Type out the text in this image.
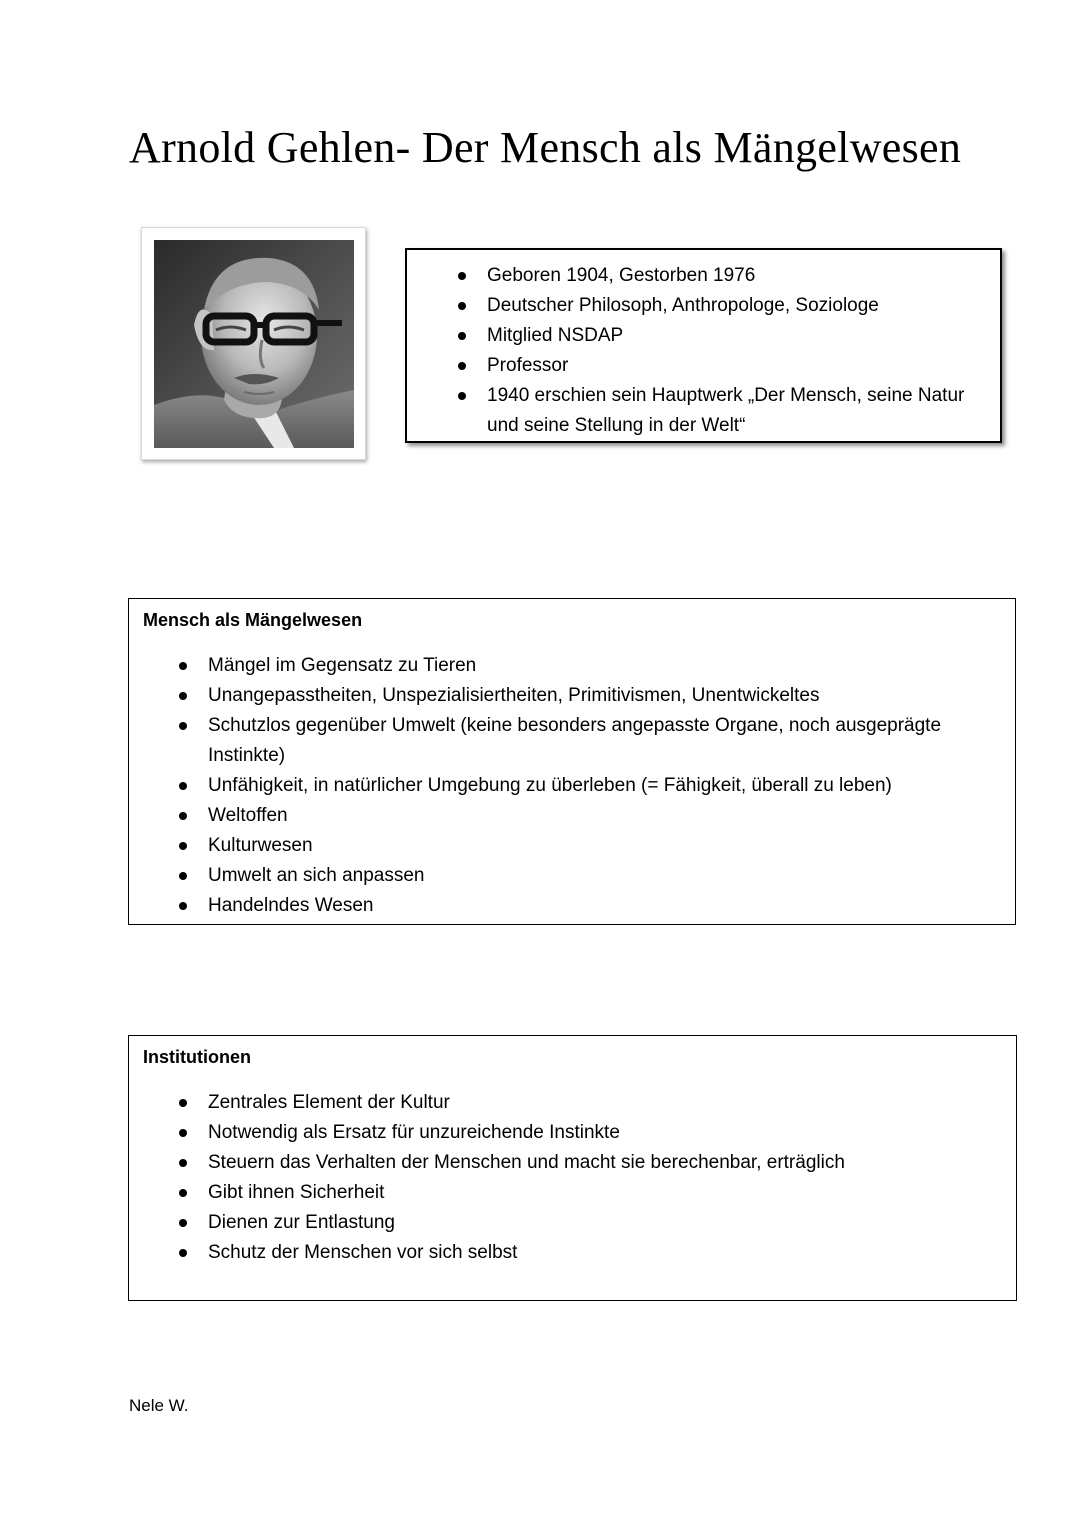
Arnold Gehlen- Der Mensch als Mängelwesen
Geboren 1904, Gestorben 1976
Deutscher Philosoph, Anthropologe, Soziologe
Mitglied NSDAP
Professor
1940 erschien sein Hauptwerk „Der Mensch, seine Natur und seine Stellung in der Welt“
Mensch als Mängelwesen
Mängel im Gegensatz zu Tieren
Unangepasstheiten, Unspezialisiertheiten, Primitivismen, Unentwickeltes
Schutzlos gegenüber Umwelt (keine besonders angepasste Organe, noch ausgeprägte Instinkte)
Unfähigkeit, in natürlicher Umgebung zu überleben (= Fähigkeit, überall zu leben)
Weltoffen
Kulturwesen
Umwelt an sich anpassen
Handelndes Wesen
Institutionen
Zentrales Element der Kultur
Notwendig als Ersatz für unzureichende Instinkte
Steuern das Verhalten der Menschen und macht sie berechenbar, erträglich
Gibt ihnen Sicherheit
Dienen zur Entlastung
Schutz der Menschen vor sich selbst
Nele W.
